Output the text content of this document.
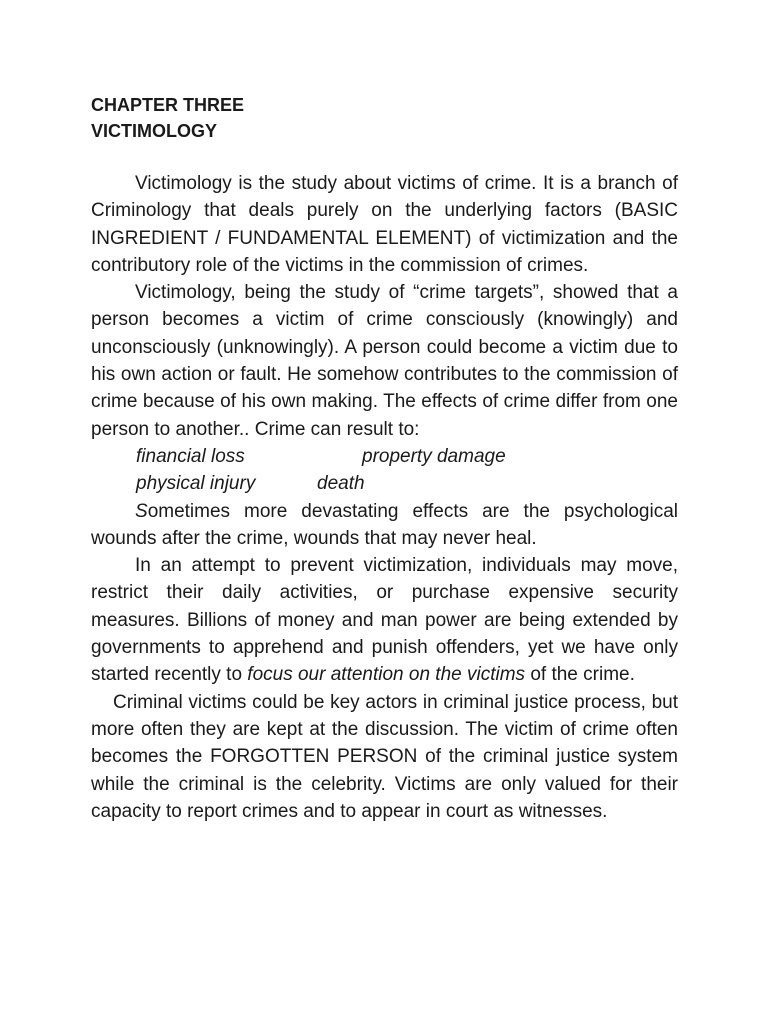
CHAPTER THREE

VICTIMOLOGY

Victimology is the study about victims of crime. It is a branch of Criminology that deals purely on the underlying factors (BASIC INGREDIENT / FUNDAMENTAL ELEMENT) of victimization and the contributory role of the victims in the commission of crimes.

Victimology, being the study of “crime targets”, showed that a person becomes a victim of crime consciously (knowingly) and unconsciously (unknowingly). A person could become a victim due to his own action or fault. He somehow contributes to the commission of crime because of his own making. The effects of crime differ from one person to another.. Crime can result to:

financial loss	property damage
physical injury	death

Sometimes more devastating effects are the psychological wounds after the crime, wounds that may never heal.

In an attempt to prevent victimization, individuals may move, restrict their daily activities, or purchase expensive security measures. Billions of money and man power are being extended by governments to apprehend and punish offenders, yet we have only started recently to focus our attention on the victims of the crime.

Criminal victims could be key actors in criminal justice process, but more often they are kept at the discussion. The victim of crime often becomes the FORGOTTEN PERSON of the criminal justice system while the criminal is the celebrity. Victims are only valued for their capacity to report crimes and to appear in court as witnesses.
